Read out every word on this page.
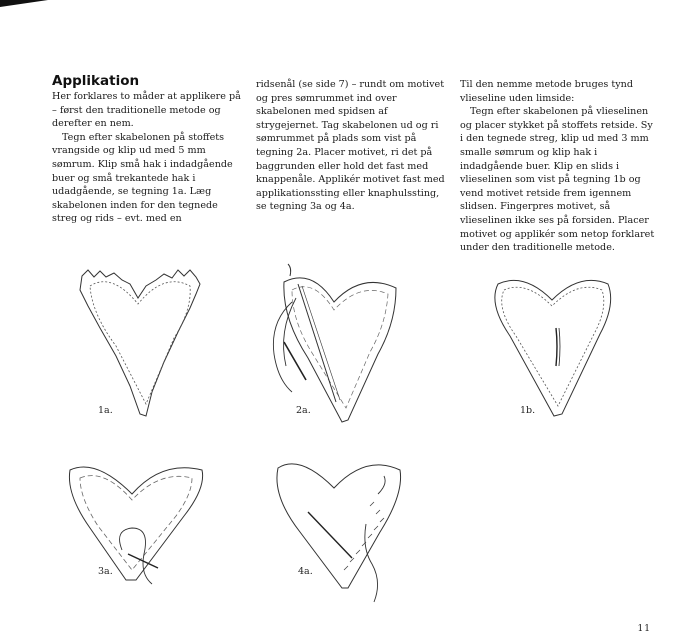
Applikation

Her forklares to måder at applikere på – først den traditionelle metode og derefter en nem.

Tegn efter skabelonen på stoffets vrangside og klip ud med 5 mm sømrum. Klip små hak i indadgående buer og små trekantede hak i udadgående, se tegning 1a. Læg skabelonen inden for den tegnede streg og rids – evt. med en

ridsenål (se side 7) – rundt om motivet og pres sømrummet ind over skabelonen med spidsen af strygejernet. Tag skabelonen ud og ri sømrummet på plads som vist på tegning 2a. Placer motivet, ri det på baggrunden eller hold det fast med knappenåle. Applikér motivet fast med applikationssting eller knaphulssting, se tegning 3a og 4a.

Til den nemme metode bruges tynd vlieseline uden limside:

Tegn efter skabelonen på vlieselinen og placer stykket på stoffets retside. Sy i den tegnede streg, klip ud med 3 mm smalle sømrum og klip hak i indadgående buer. Klip en slids i vlieselinen som vist på tegning 1b og vend motivet retside frem igennem slidsen. Fingerpres motivet, så vlieselinen ikke ses på forsiden. Placer motivet og applikér som netop forklaret under den traditionelle metode.

1a.	2a.	1b.
3a.	4a.
11
